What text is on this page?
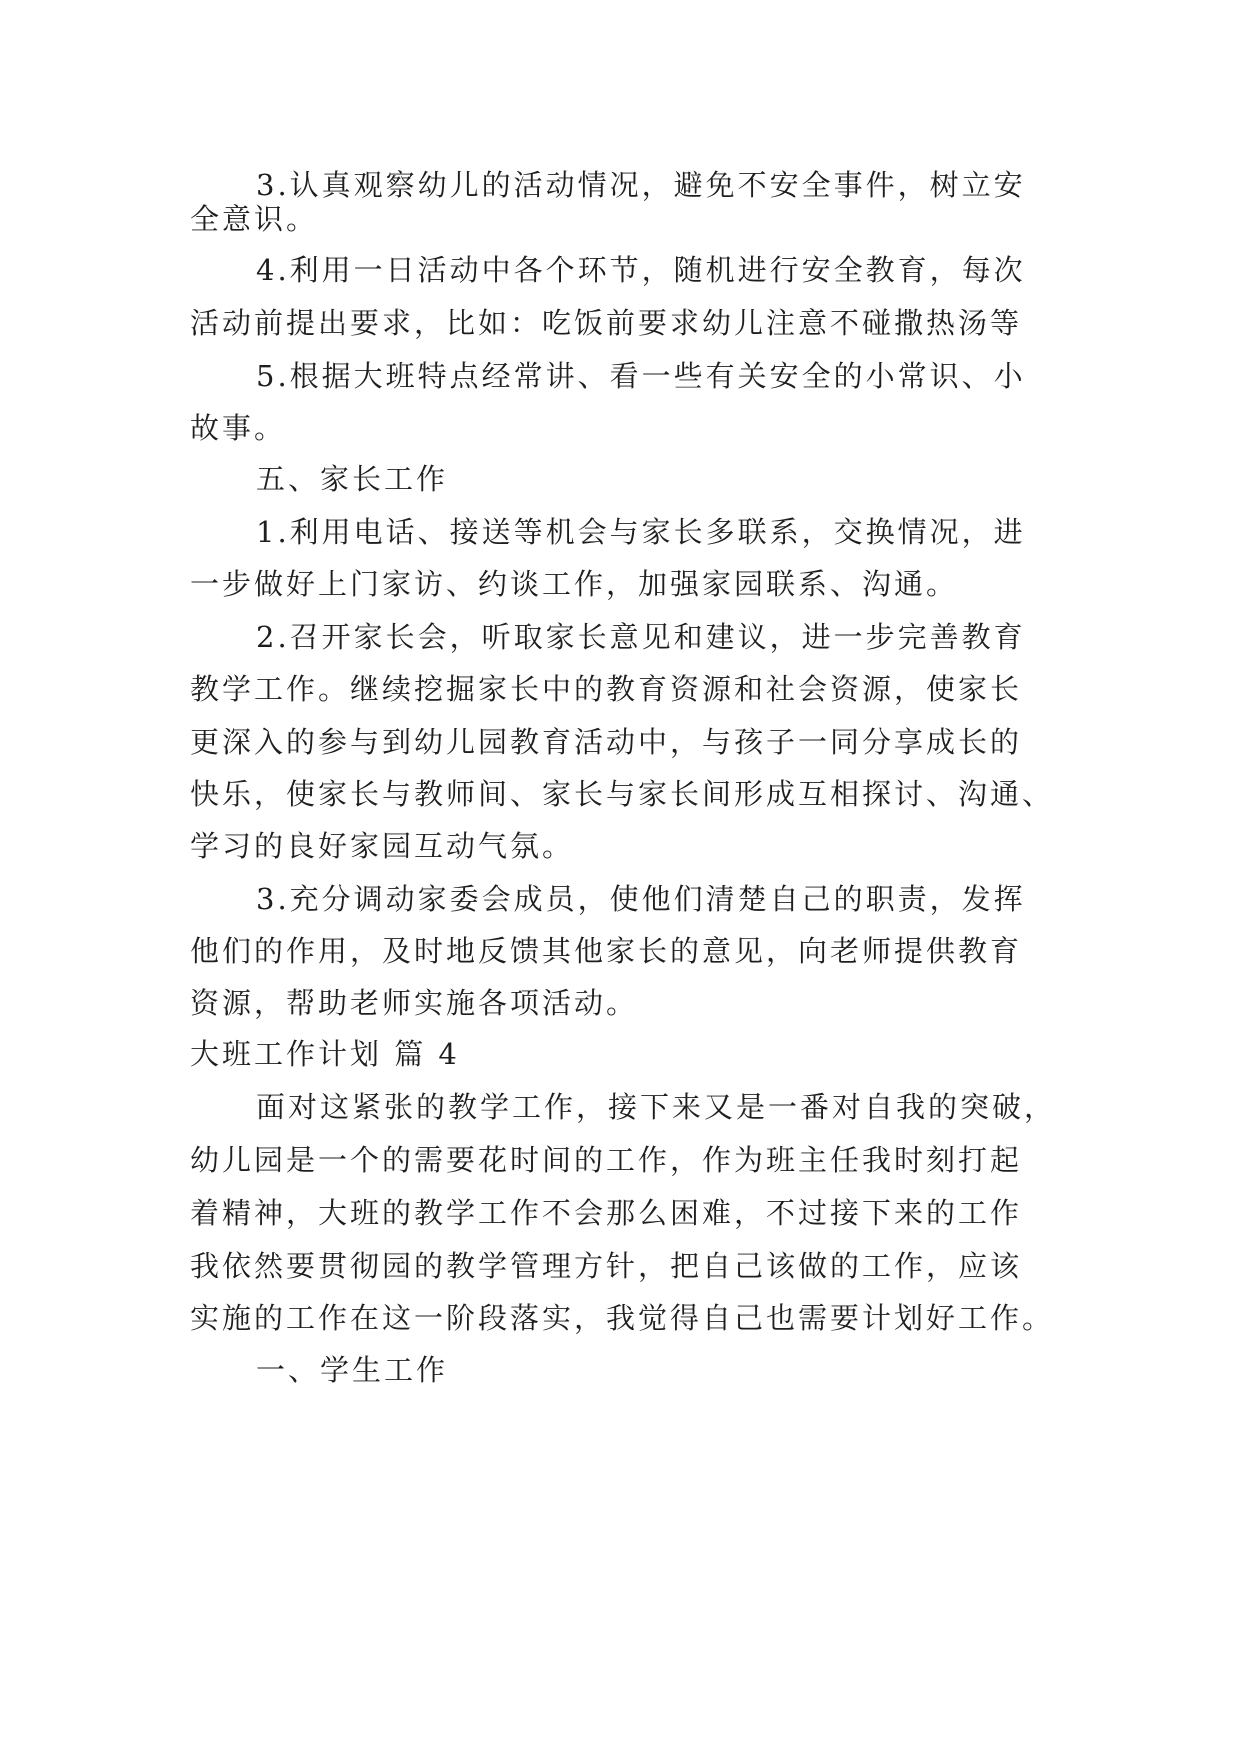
3.认真观察幼儿的活动情况，避免不安全事件，树立安

全意识。

4.利用一日活动中各个环节，随机进行安全教育，每次

活动前提出要求，比如：吃饭前要求幼儿注意不碰撒热汤等

5.根据大班特点经常讲、看一些有关安全的小常识、小

故事。

五、家长工作

1.利用电话、接送等机会与家长多联系，交换情况，进

一步做好上门家访、约谈工作，加强家园联系、沟通。

2.召开家长会，听取家长意见和建议，进一步完善教育

教学工作。继续挖掘家长中的教育资源和社会资源，使家长

更深入的参与到幼儿园教育活动中，与孩子一同分享成长的

快乐，使家长与教师间、家长与家长间形成互相探讨、沟通、

学习的良好家园互动气氛。

3.充分调动家委会成员，使他们清楚自己的职责，发挥

他们的作用，及时地反馈其他家长的意见，向老师提供教育

资源，帮助老师实施各项活动。

大班工作计划 篇 4

面对这紧张的教学工作，接下来又是一番对自我的突破，

幼儿园是一个的需要花时间的工作，作为班主任我时刻打起

着精神，大班的教学工作不会那么困难，不过接下来的工作

我依然要贯彻园的教学管理方针，把自己该做的工作，应该

实施的工作在这一阶段落实，我觉得自己也需要计划好工作。

一、学生工作
